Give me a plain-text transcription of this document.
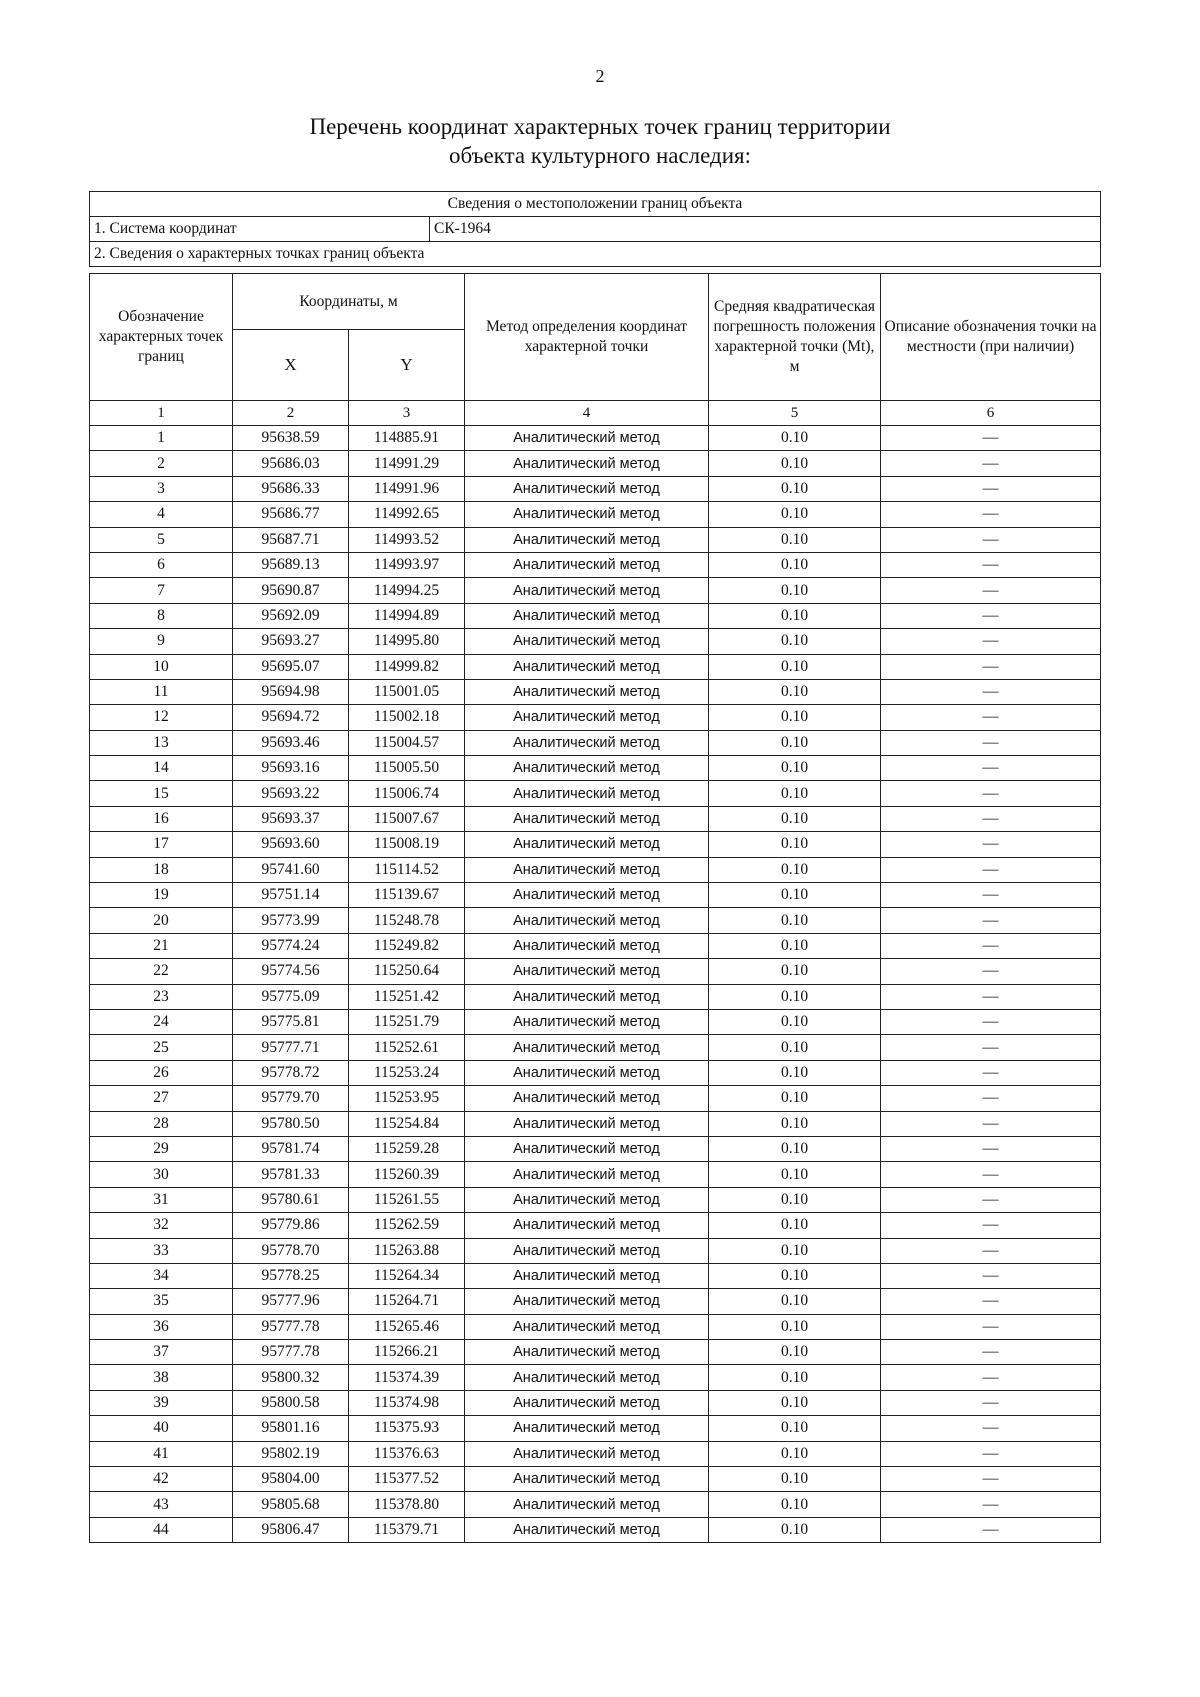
2
Перечень координат характерных точек границ территории
объекта культурного наследия:
Сведения о местоположении границ объекта
1. Система координат	СК-1964
2. Сведения о характерных точках границ объекта
Обозначение характерных точек границ	Координаты, м		Метод определения координат характерной точки	Средняя квадратическая погрешность положения характерной точки (Mt), м	Описание обозначения точки на местности (при наличии)
	X	Y			
1	2	3	4	5	6
1	95638.59	114885.91	Аналитический метод	0.10	—
2	95686.03	114991.29	Аналитический метод	0.10	—
3	95686.33	114991.96	Аналитический метод	0.10	—
4	95686.77	114992.65	Аналитический метод	0.10	—
5	95687.71	114993.52	Аналитический метод	0.10	—
6	95689.13	114993.97	Аналитический метод	0.10	—
7	95690.87	114994.25	Аналитический метод	0.10	—
8	95692.09	114994.89	Аналитический метод	0.10	—
9	95693.27	114995.80	Аналитический метод	0.10	—
10	95695.07	114999.82	Аналитический метод	0.10	—
11	95694.98	115001.05	Аналитический метод	0.10	—
12	95694.72	115002.18	Аналитический метод	0.10	—
13	95693.46	115004.57	Аналитический метод	0.10	—
14	95693.16	115005.50	Аналитический метод	0.10	—
15	95693.22	115006.74	Аналитический метод	0.10	—
16	95693.37	115007.67	Аналитический метод	0.10	—
17	95693.60	115008.19	Аналитический метод	0.10	—
18	95741.60	115114.52	Аналитический метод	0.10	—
19	95751.14	115139.67	Аналитический метод	0.10	—
20	95773.99	115248.78	Аналитический метод	0.10	—
21	95774.24	115249.82	Аналитический метод	0.10	—
22	95774.56	115250.64	Аналитический метод	0.10	—
23	95775.09	115251.42	Аналитический метод	0.10	—
24	95775.81	115251.79	Аналитический метод	0.10	—
25	95777.71	115252.61	Аналитический метод	0.10	—
26	95778.72	115253.24	Аналитический метод	0.10	—
27	95779.70	115253.95	Аналитический метод	0.10	—
28	95780.50	115254.84	Аналитический метод	0.10	—
29	95781.74	115259.28	Аналитический метод	0.10	—
30	95781.33	115260.39	Аналитический метод	0.10	—
31	95780.61	115261.55	Аналитический метод	0.10	—
32	95779.86	115262.59	Аналитический метод	0.10	—
33	95778.70	115263.88	Аналитический метод	0.10	—
34	95778.25	115264.34	Аналитический метод	0.10	—
35	95777.96	115264.71	Аналитический метод	0.10	—
36	95777.78	115265.46	Аналитический метод	0.10	—
37	95777.78	115266.21	Аналитический метод	0.10	—
38	95800.32	115374.39	Аналитический метод	0.10	—
39	95800.58	115374.98	Аналитический метод	0.10	—
40	95801.16	115375.93	Аналитический метод	0.10	—
41	95802.19	115376.63	Аналитический метод	0.10	—
42	95804.00	115377.52	Аналитический метод	0.10	—
43	95805.68	115378.80	Аналитический метод	0.10	—
44	95806.47	115379.71	Аналитический метод	0.10	—
